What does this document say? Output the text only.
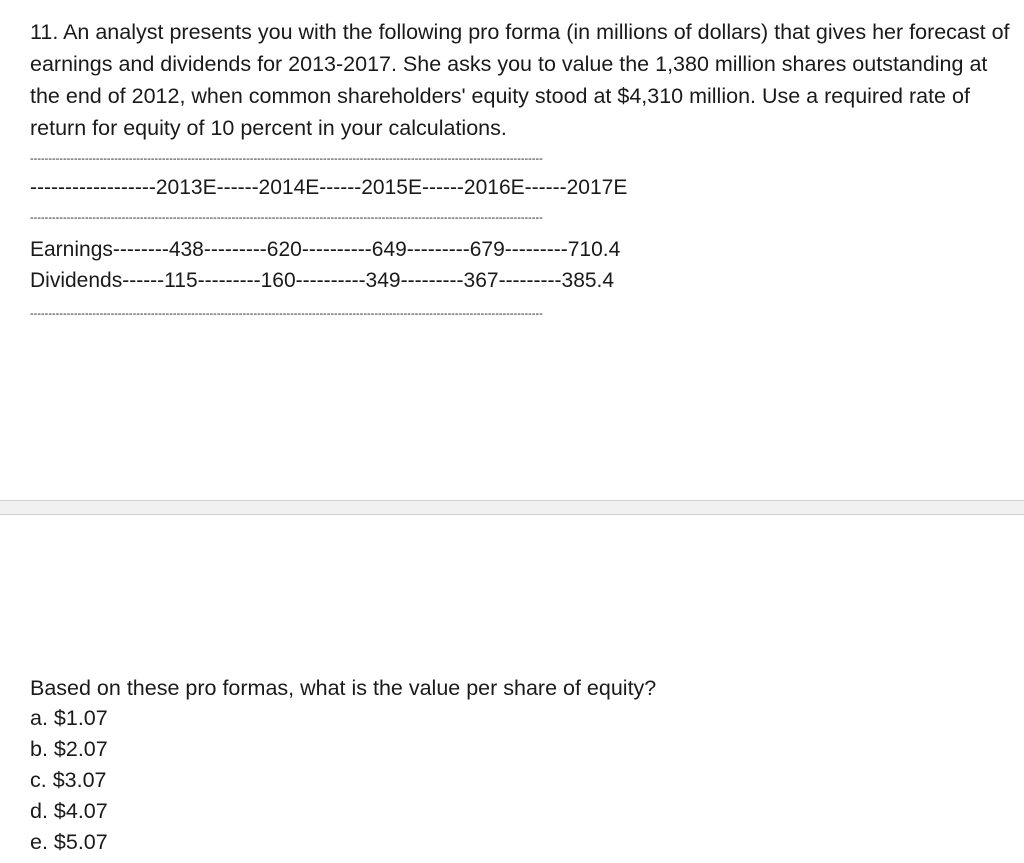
11. An analyst presents you with the following pro forma (in millions of dollars) that gives her forecast of earnings and dividends for 2013-2017. She asks you to value the 1,380 million shares outstanding at the end of 2012, when common shareholders' equity stood at $4,310 million. Use a required rate of return for equity of 10 percent in your calculations.

--------------------------------------------------------------------------------------------------------------------------------------------
------------------2013E------2014E------2015E------2016E------2017E
--------------------------------------------------------------------------------------------------------------------------------------------
Earnings--------438---------620----------649---------679---------710.4
Dividends------115---------160----------349---------367---------385.4
--------------------------------------------------------------------------------------------------------------------------------------------

Based on these pro formas, what is the value per share of equity?

a. $1.07
b. $2.07
c. $3.07
d. $4.07
e. $5.07
